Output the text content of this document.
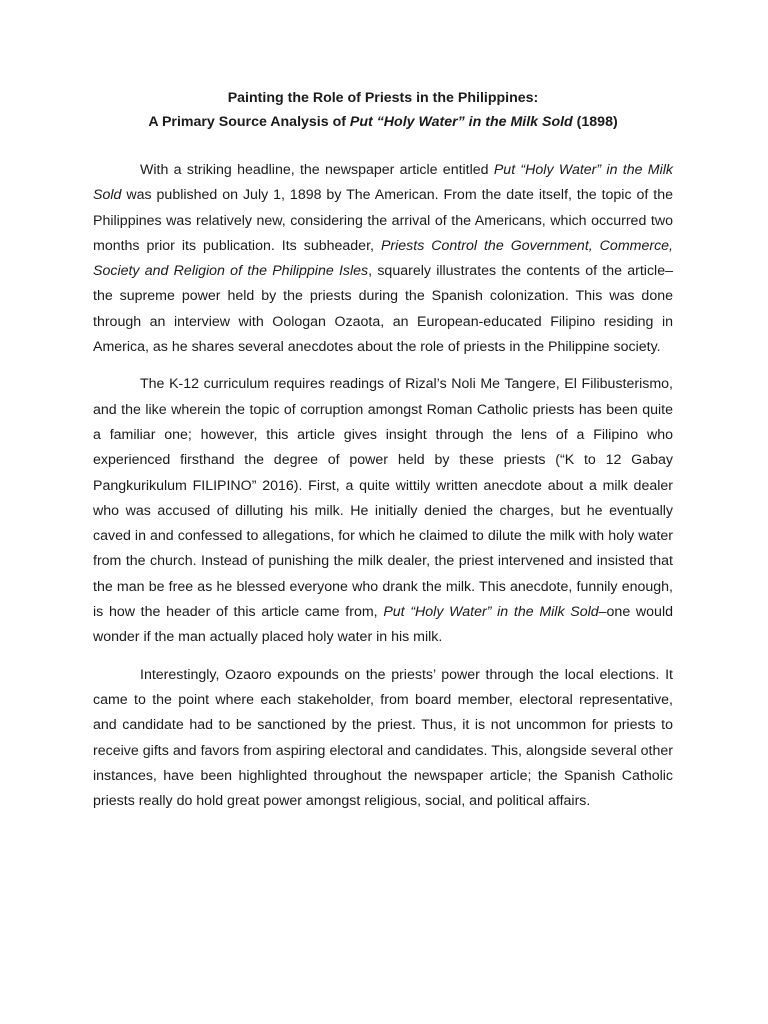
Painting the Role of Priests in the Philippines:
A Primary Source Analysis of Put “Holy Water” in the Milk Sold (1898)

With a striking headline, the newspaper article entitled Put “Holy Water” in the Milk Sold was published on July 1, 1898 by The American. From the date itself, the topic of the Philippines was relatively new, considering the arrival of the Americans, which occurred two months prior its publication. Its subheader, Priests Control the Government, Commerce, Society and Religion of the Philippine Isles, squarely illustrates the contents of the article–the supreme power held by the priests during the Spanish colonization. This was done through an interview with Oologan Ozaota, an European-educated Filipino residing in America, as he shares several anecdotes about the role of priests in the Philippine society.

The K-12 curriculum requires readings of Rizal’s Noli Me Tangere, El Filibusterismo, and the like wherein the topic of corruption amongst Roman Catholic priests has been quite a familiar one; however, this article gives insight through the lens of a Filipino who experienced firsthand the degree of power held by these priests (“K to 12 Gabay Pangkurikulum FILIPINO” 2016). First, a quite wittily written anecdote about a milk dealer who was accused of dilluting his milk. He initially denied the charges, but he eventually caved in and confessed to allegations, for which he claimed to dilute the milk with holy water from the church. Instead of punishing the milk dealer, the priest intervened and insisted that the man be free as he blessed everyone who drank the milk. This anecdote, funnily enough, is how the header of this article came from, Put “Holy Water” in the Milk Sold–one would wonder if the man actually placed holy water in his milk.

Interestingly, Ozaoro expounds on the priests’ power through the local elections. It came to the point where each stakeholder, from board member, electoral representative, and candidate had to be sanctioned by the priest. Thus, it is not uncommon for priests to receive gifts and favors from aspiring electoral and candidates. This, alongside several other instances, have been highlighted throughout the newspaper article; the Spanish Catholic priests really do hold great power amongst religious, social, and political affairs.
